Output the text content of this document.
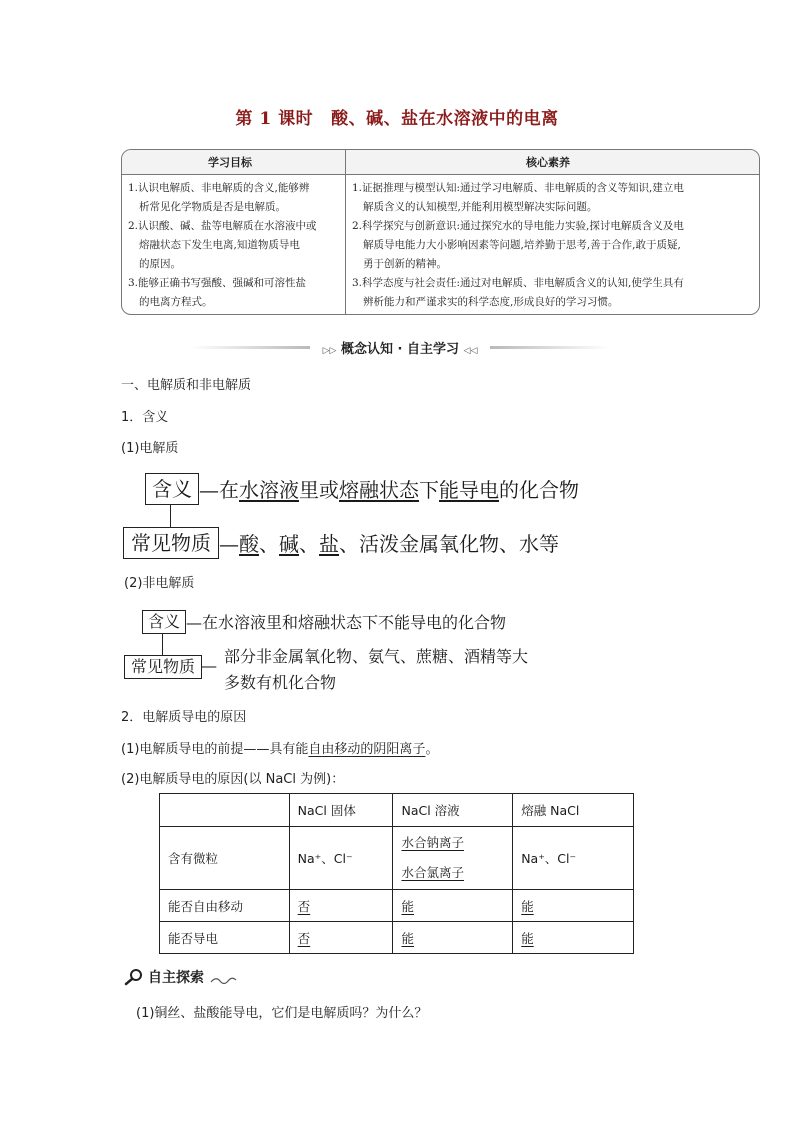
第 1 课时 酸、碱、盐在水溶液中的电离
学习目标	核心素养
1.认识电解质、非电解质的含义,能够辨
析常见化学物质是否是电解质。
2.认识酸、碱、盐等电解质在水溶液中或
熔融状态下发生电离,知道物质导电
的原因。
3.能够正确书写强酸、强碱和可溶性盐
的电离方程式。
1.证据推理与模型认知:通过学习电解质、非电解质的含义等知识,建立电
解质含义的认知模型,并能利用模型解决实际问题。
2.科学探究与创新意识:通过探究水的导电能力实验,探讨电解质含义及电
解质导电能力大小影响因素等问题,培养勤于思考,善于合作,敢于质疑,
勇于创新的精神。
3.科学态度与社会责任:通过对电解质、非电解质含义的认知,使学生具有
辨析能力和严谨求实的科学态度,形成良好的学习习惯。
▷▷ 概念认知 · 自主学习 ◁◁
一、电解质和非电解质
1．含义
(1)电解质
含义 —在水溶液里或熔融状态下能导电的化合物
常见物质 —酸、碱、盐、活泼金属氧化物、水等
(2)非电解质
含义 —在水溶液里和熔融状态下不能导电的化合物
常见物质 — 部分非金属氧化物、氨气、蔗糖、酒精等大
多数有机化合物
2．电解质导电的原因
(1)电解质导电的前提——具有能自由移动的阴阳离子。
(2)电解质导电的原因(以 NaCl 为例)：
	NaCl 固体	NaCl 溶液	熔融 NaCl
含有微粒	Na⁺、Cl⁻	水合钠离子
水合氯离子	Na⁺、Cl⁻
能否自由移动	否	能	能
能否导电	否	能	能
自主探索
(1)铜丝、盐酸能导电，它们是电解质吗？为什么？
